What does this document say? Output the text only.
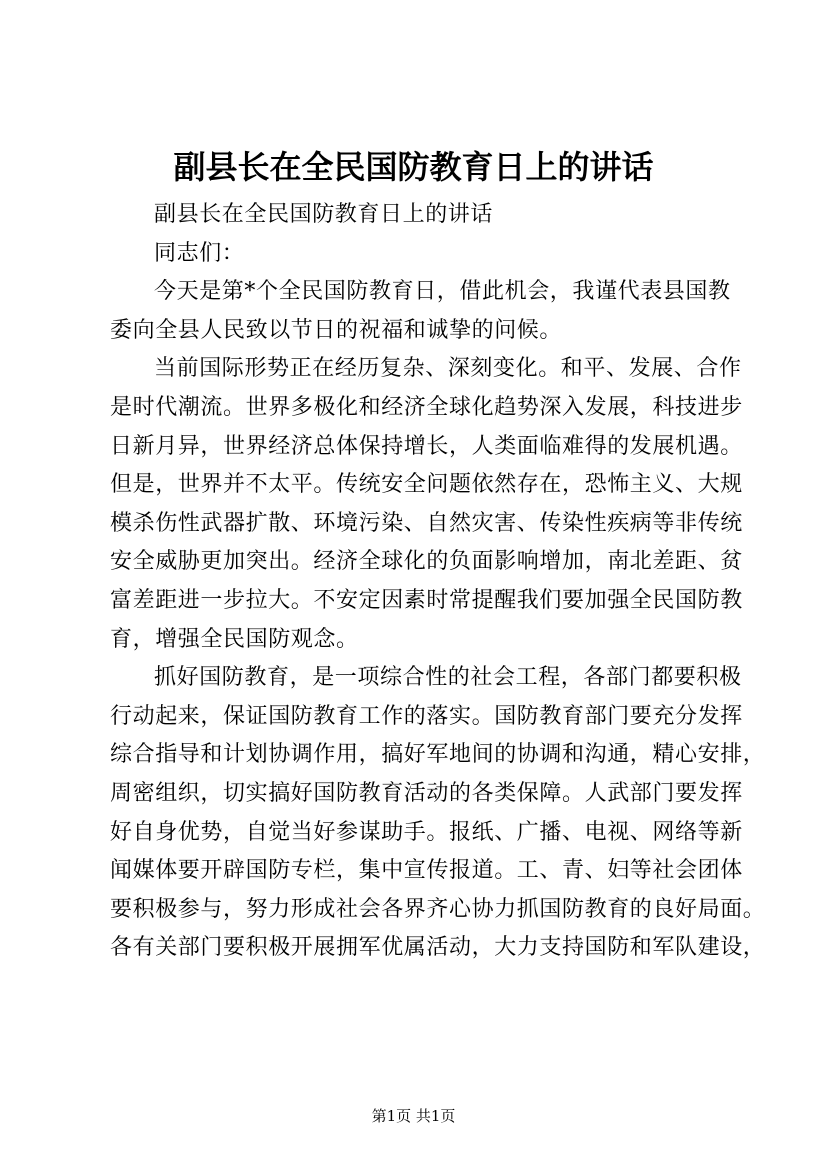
副县长在全民国防教育日上的讲话

副县长在全民国防教育日上的讲话

同志们：

今天是第*个全民国防教育日，借此机会，我谨代表县国教
委向全县人民致以节日的祝福和诚挚的问候。

当前国际形势正在经历复杂、深刻变化。和平、发展、合作
是时代潮流。世界多极化和经济全球化趋势深入发展，科技进步
日新月异，世界经济总体保持增长，人类面临难得的发展机遇。
但是，世界并不太平。传统安全问题依然存在，恐怖主义、大规
模杀伤性武器扩散、环境污染、自然灾害、传染性疾病等非传统
安全威胁更加突出。经济全球化的负面影响增加，南北差距、贫
富差距进一步拉大。不安定因素时常提醒我们要加强全民国防教
育，增强全民国防观念。

抓好国防教育，是一项综合性的社会工程，各部门都要积极
行动起来，保证国防教育工作的落实。国防教育部门要充分发挥
综合指导和计划协调作用，搞好军地间的协调和沟通，精心安排，
周密组织，切实搞好国防教育活动的各类保障。人武部门要发挥
好自身优势，自觉当好参谋助手。报纸、广播、电视、网络等新
闻媒体要开辟国防专栏，集中宣传报道。工、青、妇等社会团体
要积极参与，努力形成社会各界齐心协力抓国防教育的良好局面。
各有关部门要积极开展拥军优属活动，大力支持国防和军队建设，

第1页 共1页
